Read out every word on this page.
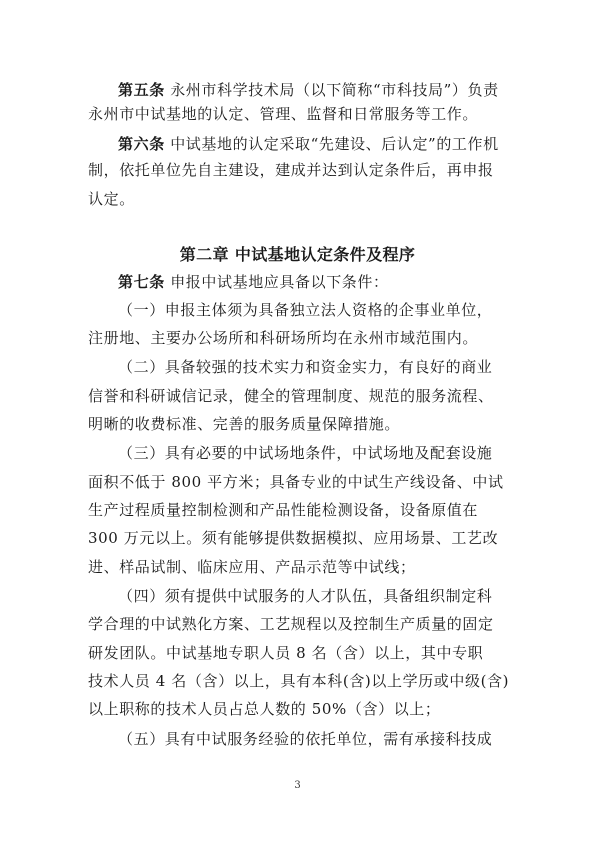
第五条 永州市科学技术局（以下简称“市科技局”）负责
永州市中试基地的认定、管理、监督和日常服务等工作。
第六条 中试基地的认定采取“先建设、后认定”的工作机
制，依托单位先自主建设，建成并达到认定条件后，再申报
认定。
第二章 中试基地认定条件及程序
第七条 申报中试基地应具备以下条件：
（一）申报主体须为具备独立法人资格的企事业单位，
注册地、主要办公场所和科研场所均在永州市域范围内。
（二）具备较强的技术实力和资金实力，有良好的商业
信誉和科研诚信记录，健全的管理制度、规范的服务流程、
明晰的收费标准、完善的服务质量保障措施。
（三）具有必要的中试场地条件，中试场地及配套设施
面积不低于 800 平方米；具备专业的中试生产线设备、中试
生产过程质量控制检测和产品性能检测设备，设备原值在
300 万元以上。须有能够提供数据模拟、应用场景、工艺改
进、样品试制、临床应用、产品示范等中试线；
（四）须有提供中试服务的人才队伍，具备组织制定科
学合理的中试熟化方案、工艺规程以及控制生产质量的固定
研发团队。中试基地专职人员 8 名（含）以上，其中专职
技术人员 4 名（含）以上，具有本科(含)以上学历或中级(含)
以上职称的技术人员占总人数的 50%（含）以上；
（五）具有中试服务经验的依托单位，需有承接科技成
3
